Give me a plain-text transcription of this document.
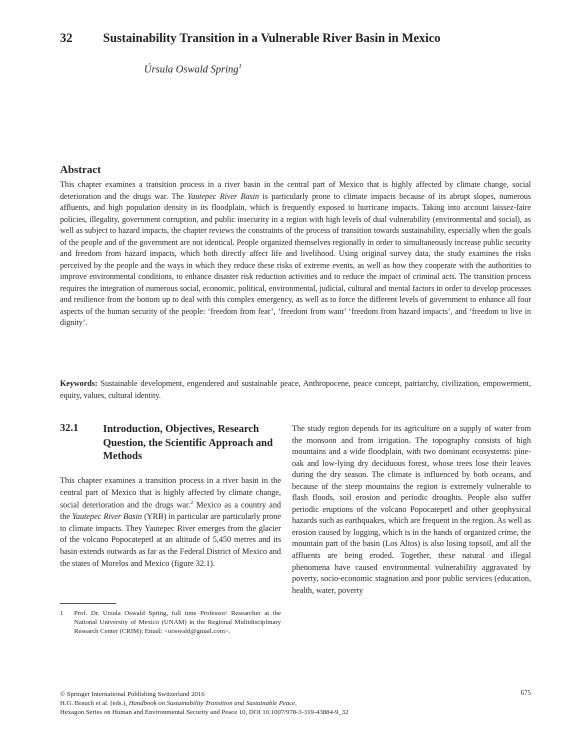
32 Sustainability Transition in a Vulnerable River Basin in Mexico
Úrsula Oswald Spring$^1$
Abstract
This chapter examines a transition process in a river basin in the central part of Mexico that is highly affected by climate change, social deterioration and the drugs war. The Yautepec River Basin is particularly prone to climate impacts because of its abrupt slopes, numerous affluents, and high population density in its floodplain, which is frequently exposed to hurricane impacts. Taking into account laissez-faire policies, illegality, government corruption, and public insecurity in a region with high levels of dual vulnerability (environmental and social), as well as subject to hazard impacts, the chapter reviews the constraints of the process of transition towards sustainability, especially when the goals of the people and of the government are not identical. People organized themselves regionally in order to simultaneously increase public security and freedom from hazard impacts, which both directly affect life and livelihood. Using original survey data, the study examines the risks perceived by the people and the ways in which they reduce these risks of extreme events, as well as how they cooperate with the authorities to improve environmental conditions, to enhance disaster risk reduction activities and to reduce the impact of criminal acts. The transition process requires the integration of numerous social, economic, political, environmental, judicial, cultural and mental factors in order to develop processes and resilience from the bottom up to deal with this complex emergency, as well as to force the different levels of government to enhance all four aspects of the human security of the people: ‘freedom from fear’, ‘freedom from want’ ‘freedom from hazard impacts’, and ‘freedom to live in dignity’.
Keywords: Sustainable development, engendered and sustainable peace, Anthropocene, peace concept, patriarchy, civilization, empowerment, equity, values, cultural identity.
32.1 Introduction, Objectives, Research Question, the Scientific Approach and Methods
This chapter examines a transition process in a river basin in the central part of Mexico that is highly affected by climate change, social deterioration and the drugs war.$^2$ Mexico as a country and the Yautepec River Basin (YRB) in particular are particularly prone to climate impacts. They Yautepec River emerges from the glacier of the volcano Popocatepetl at an altitude of 5,450 metres and its basin extends outwards as far as the Federal District of Mexico and the states of Morelos and Mexico (figure 32.1).
The study region depends for its agriculture on a supply of water from the monsoon and from irrigation. The topography consists of high mountains and a wide floodplain, with two dominant ecosystems: pine-oak and low-lying dry deciduous forest, whose trees lose their leaves during the dry season. The climate is influenced by both oceans, and because of the steep mountains the region is extremely vulnerable to flash floods, soil erosion and periodic droughts. People also suffer periodic eruptions of the volcano Popocatepetl and other geophysical hazards such as earthquakes, which are frequent in the region. As well as erosion caused by logging, which is in the hands of organized crime, the mountain part of the basin (Los Altos) is also losing topsoil, and all the affluents are being eroded. Together, these natural and illegal phenomena have caused environmental vulnerability aggravated by poverty, socio-economic stagnation and poor public services (education, health, water, poverty
1 Prof. Dr. Ursula Oswald Spring, full time Professor/ Researcher at the National University of Mexico (UNAM) in the Regional Multidisciplinary Research Center (CRIM); Email: <uoswald@gmail.com>.
© Springer International Publishing Switzerland 2016
H.G. Brauch et al. (eds.), Handbook on Sustainability Transition and Sustainable Peace,
Hexagon Series on Human and Environmental Security and Peace 10, DOI 10.1007/978-3-319-43884-9_32
675
